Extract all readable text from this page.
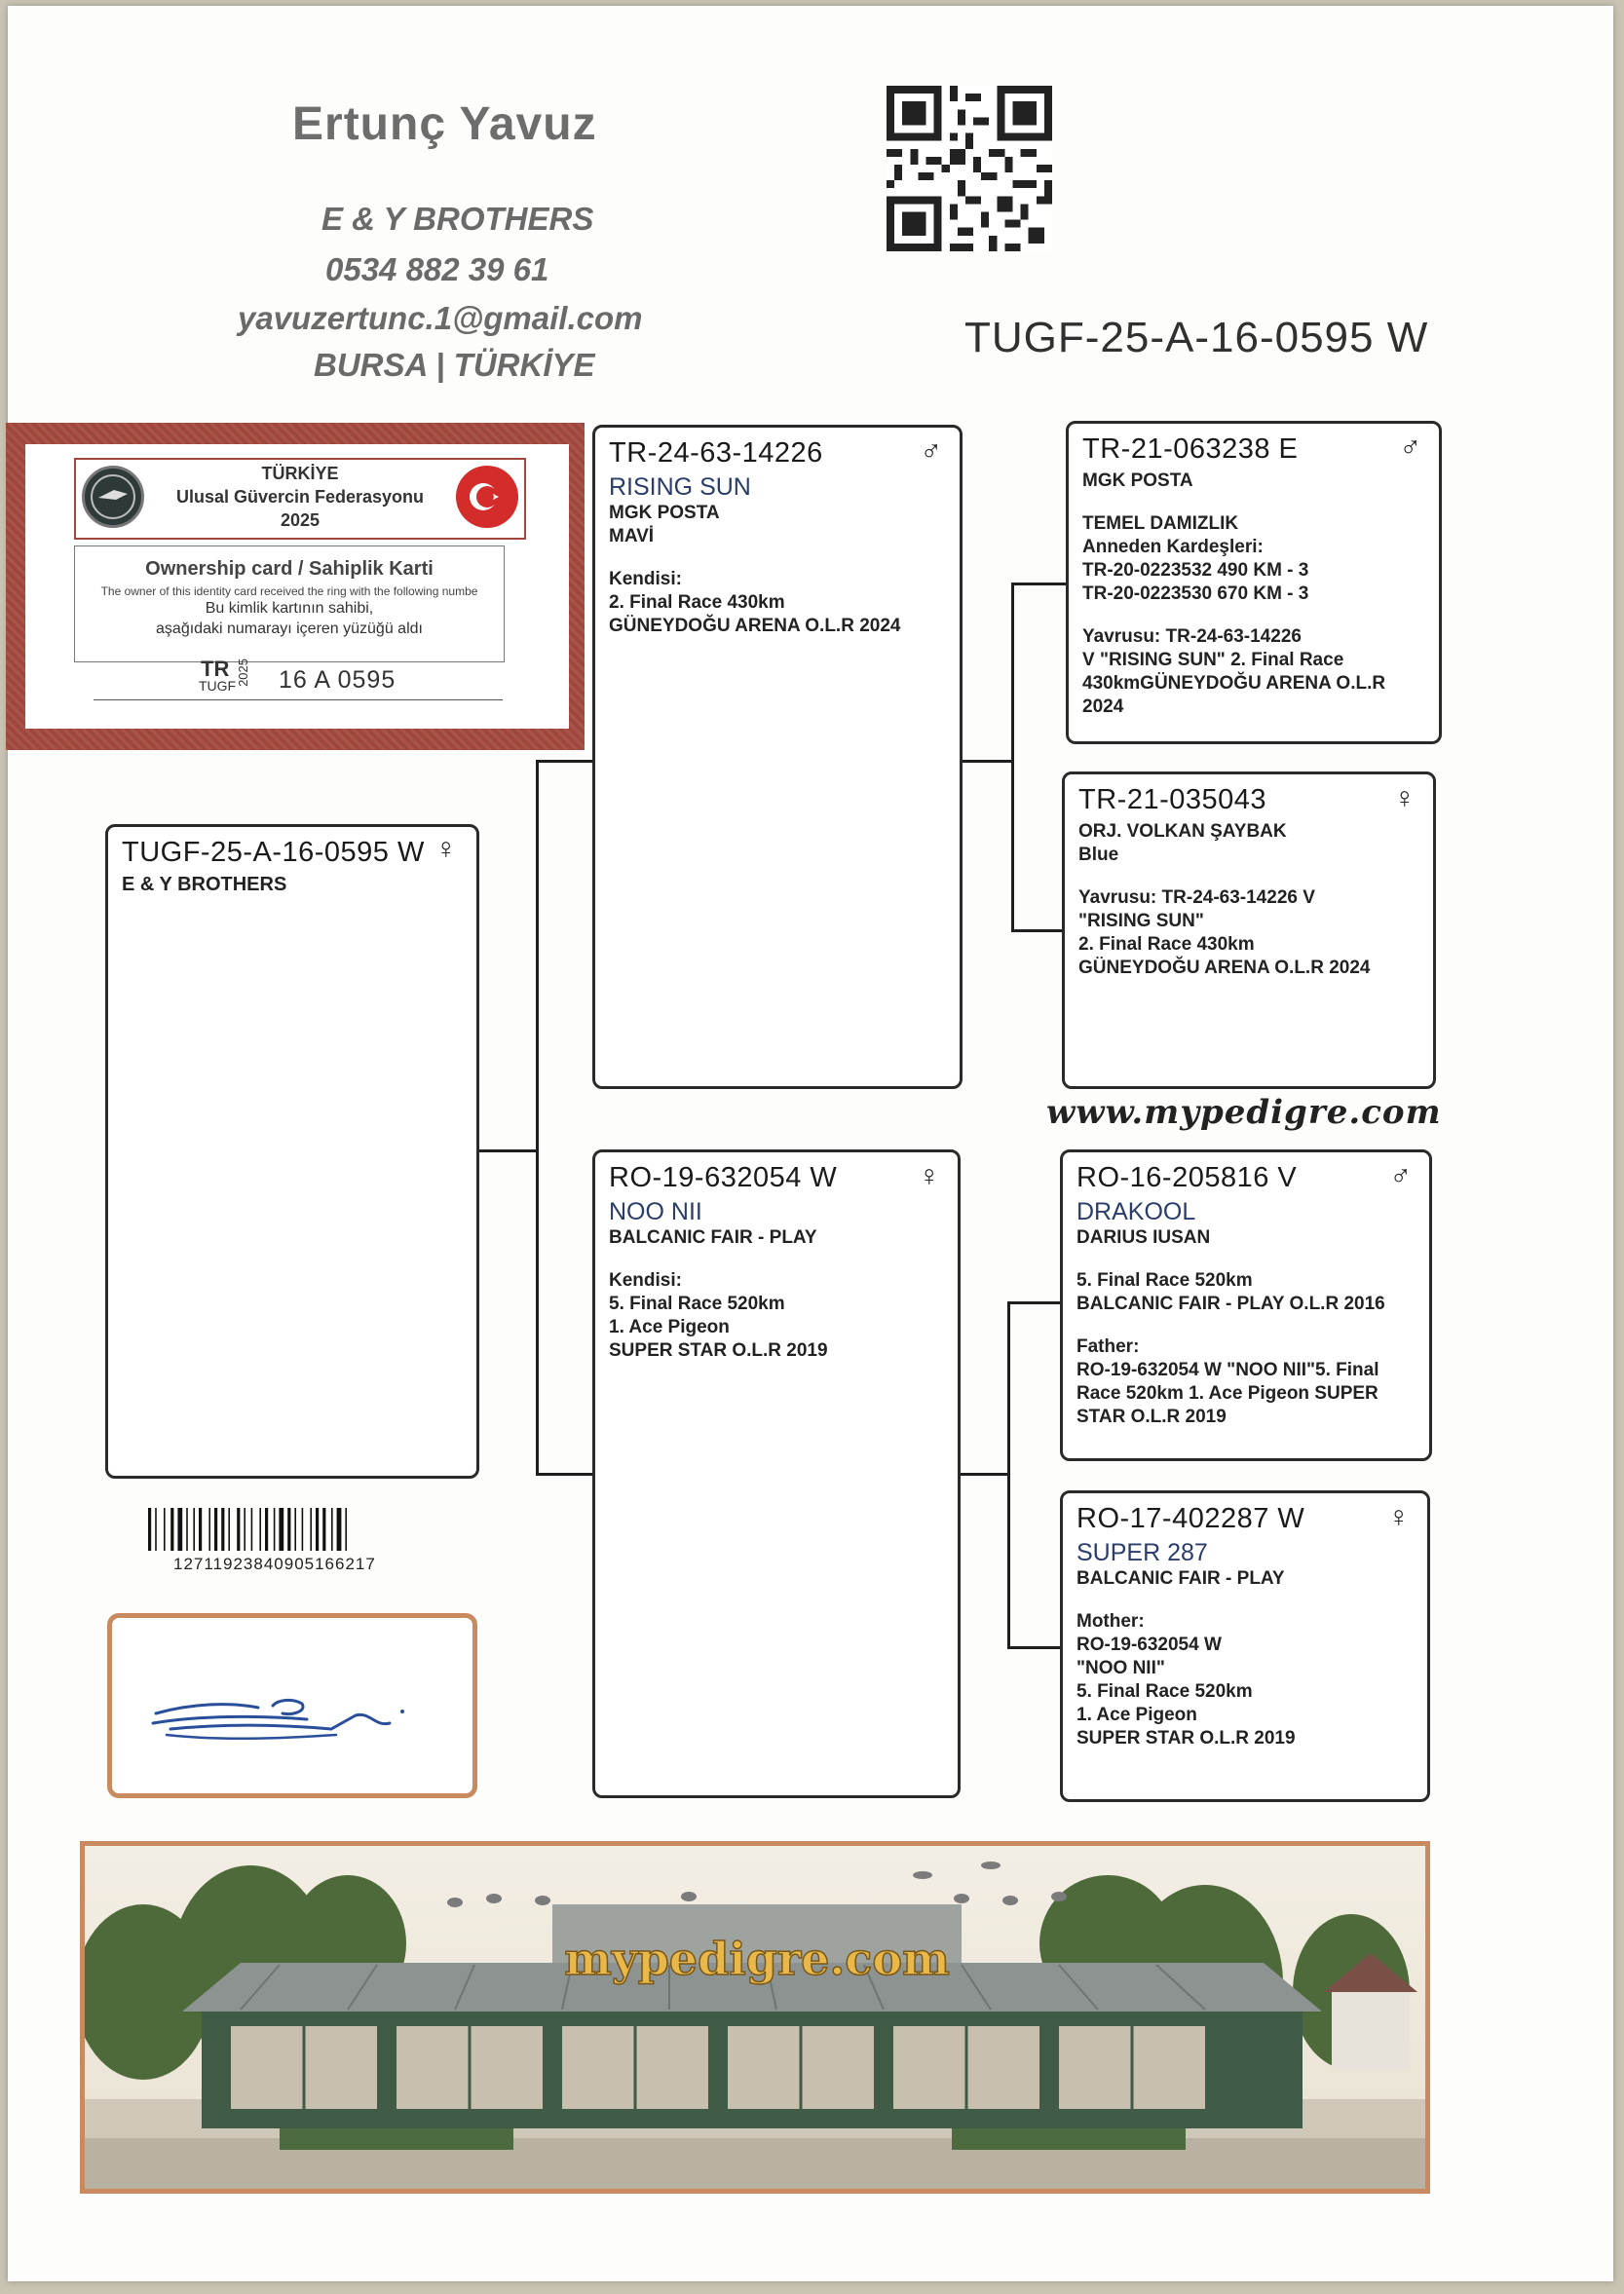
Ertunç Yavuz
E & Y BROTHERS
0534 882 39 61
yavuzertunc.1@gmail.com
BURSA | TÜRKİYE
TUGF-25-A-16-0595 W
TÜRKİYE
Ulusal Güvercin Federasyonu
2025
Ownership card / Sahiplik Karti
The owner of this identity card received the ring with the following numbe
Bu kimlik kartının sahibi,
aşağıdaki numarayı içeren yüzüğü aldı
TR
TUGF 2025 16 A 0595
TUGF-25-A-16-0595 W ♀
E & Y BROTHERS
1271192384090516​6217
TR-24-63-14226	♂
RISING SUN
MGK POSTA
MAVİ
Kendisi:
2. Final Race 430km
GÜNEYDOĞU ARENA O.L.R 2024
RO-19-632054 W	♀
NOO NII
BALCANIC FAIR - PLAY
Kendisi:
5. Final Race 520km
1. Ace Pigeon
SUPER STAR O.L.R 2019
TR-21-063238 E	♂
MGK POSTA
TEMEL DAMIZLIK
Anneden Kardeşleri:
TR-20-0223532 490 KM - 3
TR-20-0223530 670 KM - 3
Yavrusu: TR-24-63-14226
V "RISING SUN" 2. Final Race
430kmGÜNEYDOĞU ARENA O.L.R
2024
TR-21-035043	♀
ORJ. VOLKAN ŞAYBAK
Blue
Yavrusu: TR-24-63-14226 V
"RISING SUN"
2. Final Race 430km
GÜNEYDOĞU ARENA O.L.R 2024
www.mypedigre.com
RO-16-205816 V	♂
DRAKOOL
DARIUS IUSAN
5. Final Race 520km
BALCANIC FAIR - PLAY O.L.R 2016
Father:
RO-19-632054 W "NOO NII"5. Final
Race 520km 1. Ace Pigeon SUPER
STAR O.L.R 2019
RO-17-402287 W	♀
SUPER 287
BALCANIC FAIR - PLAY
Mother:
RO-19-632054 W
"NOO NII"
5. Final Race 520km
1. Ace Pigeon
SUPER STAR O.L.R 2019
mypedigre.com
